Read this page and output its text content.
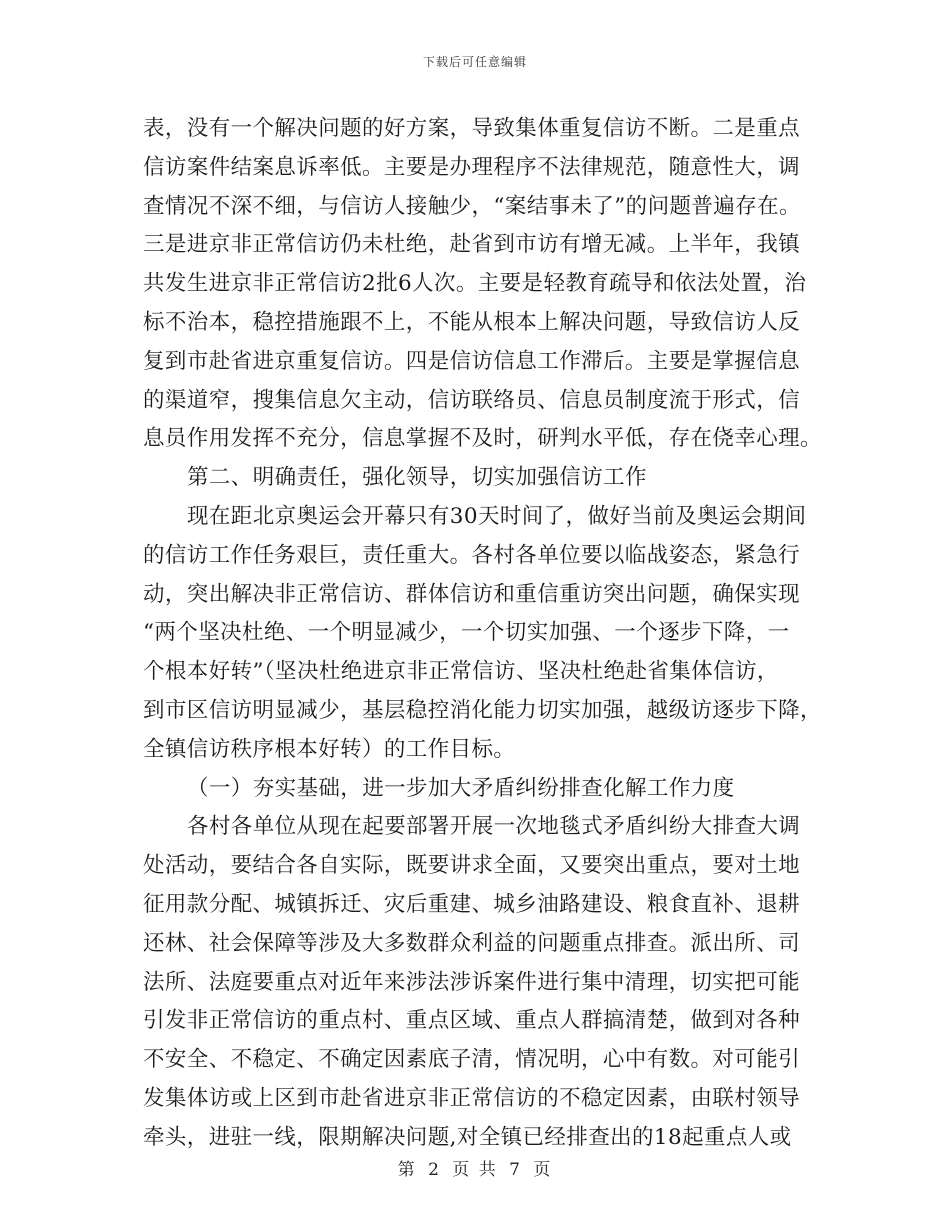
下载后可任意编辑
表，没有一个解决问题的好方案，导致集体重复信访不断。二是重点
信访案件结案息诉率低。主要是办理程序不法律规范，随意性大，调
查情况不深不细，与信访人接触少，“案结事未了”的问题普遍存在。
三是进京非正常信访仍未杜绝，赴省到市访有增无减。上半年，我镇
共发生进京非正常信访2批6人次。主要是轻教育疏导和依法处置，治
标不治本，稳控措施跟不上，不能从根本上解决问题，导致信访人反
复到市赴省进京重复信访。四是信访信息工作滞后。主要是掌握信息
的渠道窄，搜集信息欠主动，信访联络员、信息员制度流于形式，信
息员作用发挥不充分，信息掌握不及时，研判水平低，存在侥幸心理。
第二、明确责任，强化领导，切实加强信访工作
现在距北京奥运会开幕只有30天时间了，做好当前及奥运会期间
的信访工作任务艰巨，责任重大。各村各单位要以临战姿态，紧急行
动，突出解决非正常信访、群体信访和重信重访突出问题，确保实现
“两个坚决杜绝、一个明显减少，一个切实加强、一个逐步下降，一
个根本好转”（坚决杜绝进京非正常信访、坚决杜绝赴省集体信访，
到市区信访明显减少，基层稳控消化能力切实加强，越级访逐步下降，
全镇信访秩序根本好转）的工作目标。
（一）夯实基础，进一步加大矛盾纠纷排查化解工作力度
各村各单位从现在起要部署开展一次地毯式矛盾纠纷大排查大调
处活动，要结合各自实际，既要讲求全面，又要突出重点，要对土地
征用款分配、城镇拆迁、灾后重建、城乡油路建设、粮食直补、退耕
还林、社会保障等涉及大多数群众利益的问题重点排查。派出所、司
法所、法庭要重点对近年来涉法涉诉案件进行集中清理，切实把可能
引发非正常信访的重点村、重点区域、重点人群搞清楚，做到对各种
不安全、不稳定、不确定因素底子清，情况明，心中有数。对可能引
发集体访或上区到市赴省进京非正常信访的不稳定因素，由联村领导
牵头，进驻一线，限期解决问题,对全镇已经排查出的18起重点人或
第 2 页 共 7 页
